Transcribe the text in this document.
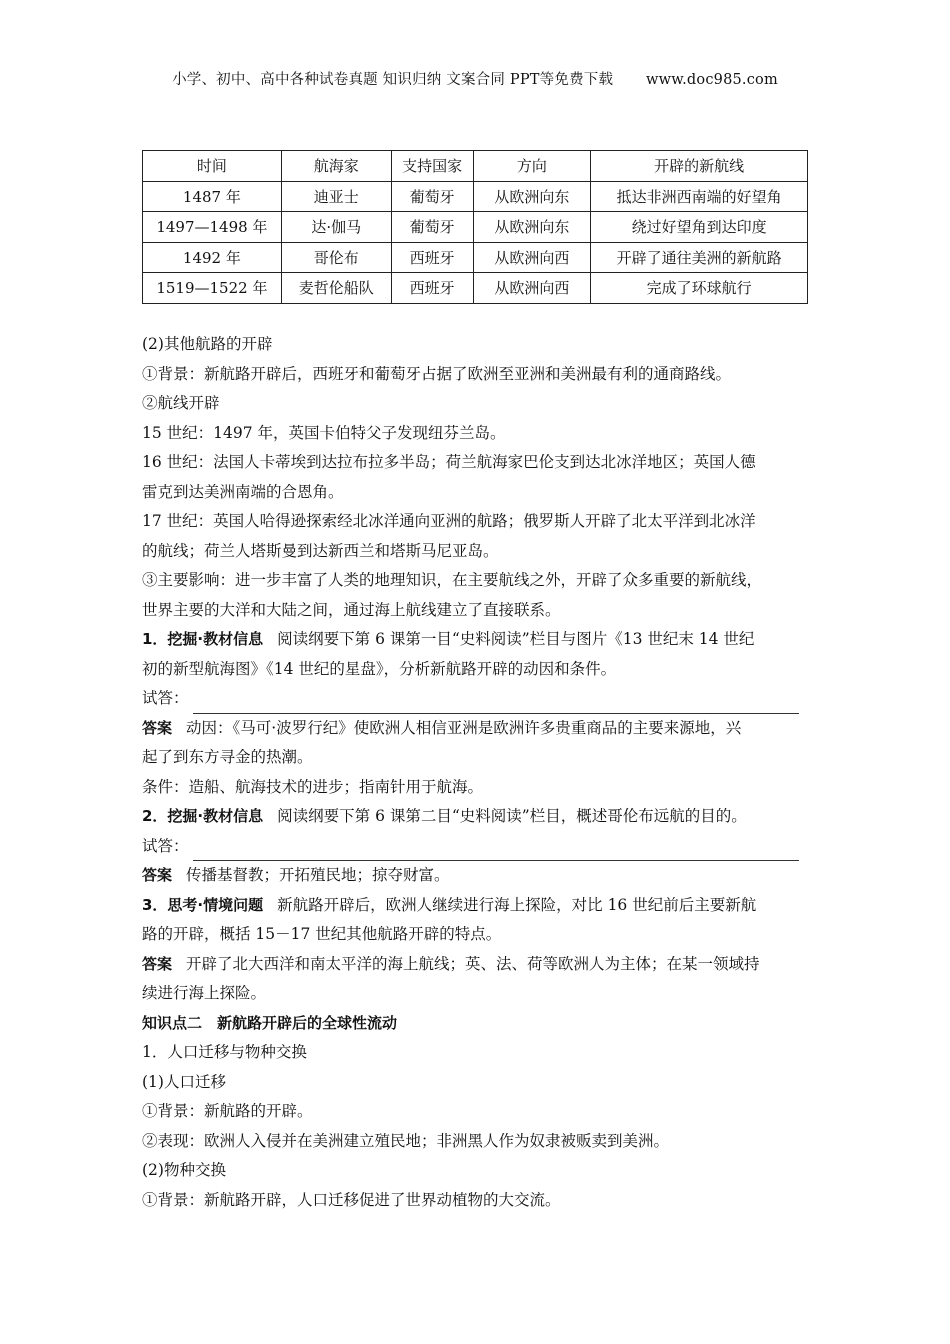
小学、初中、高中各种试卷真题 知识归纳 文案合同 PPT等免费下载 www.doc985.com
时间	航海家	支持国家	方向	开辟的新航线
1487 年	迪亚士	葡萄牙	从欧洲向东	抵达非洲西南端的好望角
1497—1498 年	达·伽马	葡萄牙	从欧洲向东	绕过好望角到达印度
1492 年	哥伦布	西班牙	从欧洲向西	开辟了通往美洲的新航路
1519—1522 年	麦哲伦船队	西班牙	从欧洲向西	完成了环球航行

(2)其他航路的开辟

①背景：新航路开辟后，西班牙和葡萄牙占据了欧洲至亚洲和美洲最有利的通商路线。

②航线开辟

15 世纪：1497 年，英国卡伯特父子发现纽芬兰岛。

16 世纪：法国人卡蒂埃到达拉布拉多半岛；荷兰航海家巴伦支到达北冰洋地区；英国人德

雷克到达美洲南端的合恩角。

17 世纪：英国人哈得逊探索经北冰洋通向亚洲的航路；俄罗斯人开辟了北太平洋到北冰洋

的航线；荷兰人塔斯曼到达新西兰和塔斯马尼亚岛。

③主要影响：进一步丰富了人类的地理知识，在主要航线之外，开辟了众多重要的新航线，

世界主要的大洋和大陆之间，通过海上航线建立了直接联系。

1．挖掘·教材信息 阅读纲要下第 6 课第一目“史料阅读”栏目与图片《13 世纪末 14 世纪

初的新型航海图》《14 世纪的星盘》，分析新航路开辟的动因和条件。

试答：

答案 动因：《马可·波罗行纪》使欧洲人相信亚洲是欧洲许多贵重商品的主要来源地，兴

起了到东方寻金的热潮。

条件：造船、航海技术的进步；指南针用于航海。

2．挖掘·教材信息 阅读纲要下第 6 课第二目“史料阅读”栏目，概述哥伦布远航的目的。

试答：

答案 传播基督教；开拓殖民地；掠夺财富。

3．思考·情境问题 新航路开辟后，欧洲人继续进行海上探险，对比 16 世纪前后主要新航

路的开辟，概括 15－17 世纪其他航路开辟的特点。

答案 开辟了北大西洋和南太平洋的海上航线；英、法、荷等欧洲人为主体；在某一领域持

续进行海上探险。

知识点二　新航路开辟后的全球性流动

1．人口迁移与物种交换

(1)人口迁移

①背景：新航路的开辟。

②表现：欧洲人入侵并在美洲建立殖民地；非洲黑人作为奴隶被贩卖到美洲。

(2)物种交换

①背景：新航路开辟，人口迁移促进了世界动植物的大交流。
